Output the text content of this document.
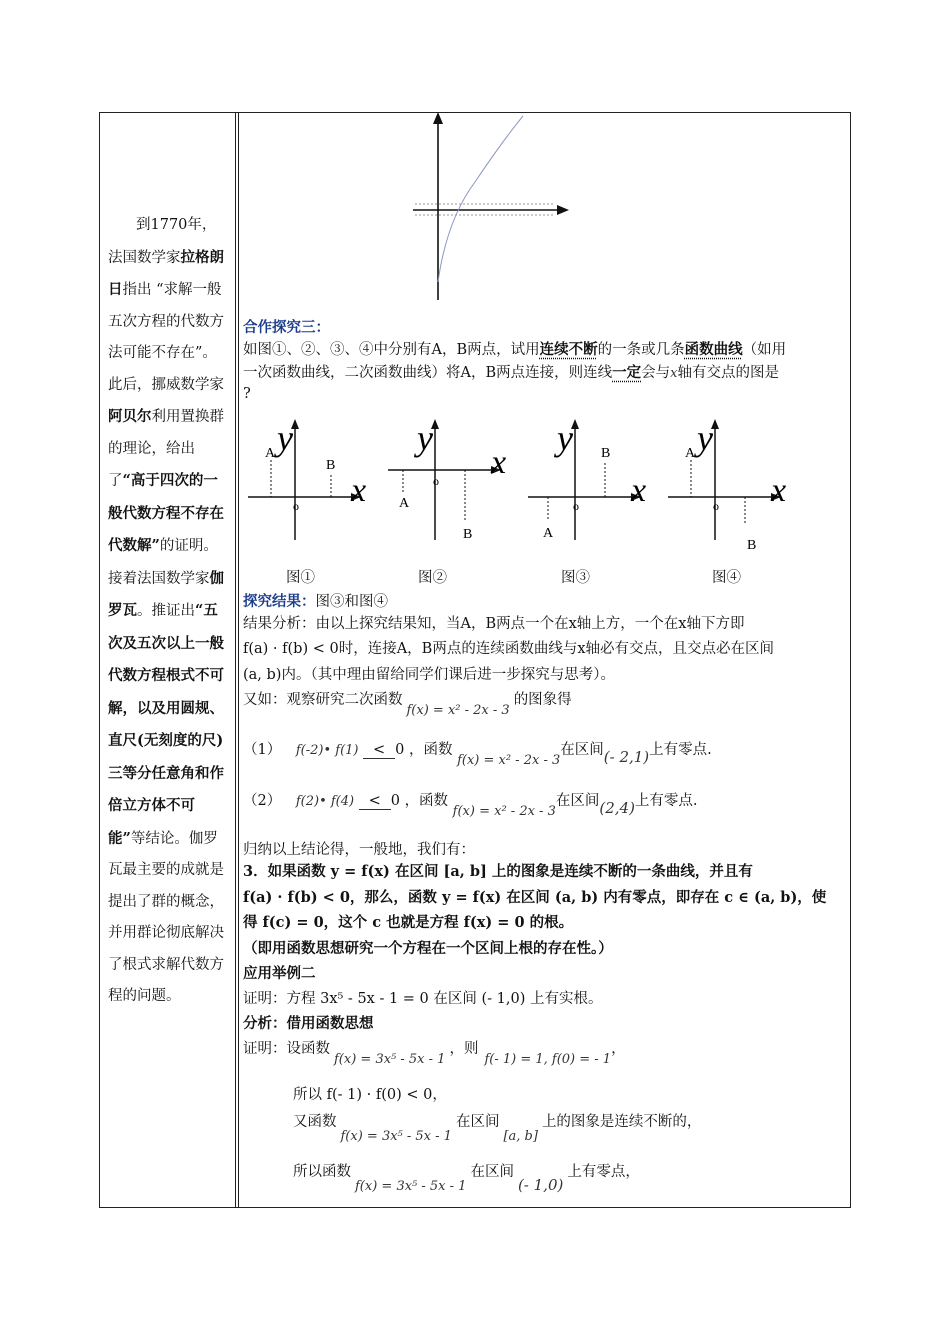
到1770年，法国数学家拉格朗日指出 “求解一般五次方程的代数方法可能不存在”。此后，挪威数学家阿贝尔利用置换群的理论，给出了“高于四次的一般代数方程不存在代数解”的证明。

接着法国数学家伽罗瓦。推证出“五次及五次以上一般代数方程根式不可解，以及用圆规、直尺(无刻度的尺)三等分任意角和作倍立方体不可能”等结论。伽罗瓦最主要的成就是提出了群的概念，并用群论彻底解决了根式求解代数方程的问题。

合作探究三：
如图①、②、③、④中分别有A，B两点，试用连续不断的一条或几条函数曲线（如用
一次函数曲线，二次函数曲线）将A，B两点连接，则连线一定会与x轴有交点的图是
?
y
x
o
A
B
y
x
o
A
B
y
x
o
A
B y
x
o
A
B
图①	图②	图③	图④
探究结果：图③和图④
结果分析：由以上探究结果知，当A，B两点一个在x轴上方，一个在x轴下方即
f(a) · f(b) < 0时，连接A，B两点的连续函数曲线与x轴必有交点，且交点必在区间
(a, b)内。（其中理由留给同学们课后进一步探究与思考）。
又如：观察研究二次函数f(x) = x² - 2x - 3的图象得
（1） f(-2)• f(1) < 0 ，函数 f(x) = x² - 2x - 3在区间(- 2,1)上有零点.
（2） f(2)• f(4) < 0 ，函数 f(x) = x² - 2x - 3在区间(2,4)上有零点.
归纳以上结论得，一般地，我们有：
3．如果函数 y = f(x) 在区间 [a, b] 上的图象是连续不断的一条曲线，并且有
f(a) · f(b) < 0，那么，函数 y = f(x) 在区间 (a, b) 内有零点，即存在 c ∈ (a, b)，使
得 f(c) = 0，这个 c 也就是方程 f(x) = 0 的根。
（即用函数思想研究一个方程在一个区间上根的存在性。）
应用举例二
证明：方程 3x⁵ - 5x - 1 = 0 在区间 (- 1,0) 上有实根。
分析：借用函数思想
证明：设函数f(x) = 3x⁵ - 5x - 1，则f(- 1) = 1, f(0) = - 1，
所以 f(- 1) · f(0) < 0，
又函数f(x) = 3x⁵ - 5x - 1在区间[a, b]上的图象是连续不断的，
所以函数f(x) = 3x⁵ - 5x - 1在区间(- 1,0)上有零点，
